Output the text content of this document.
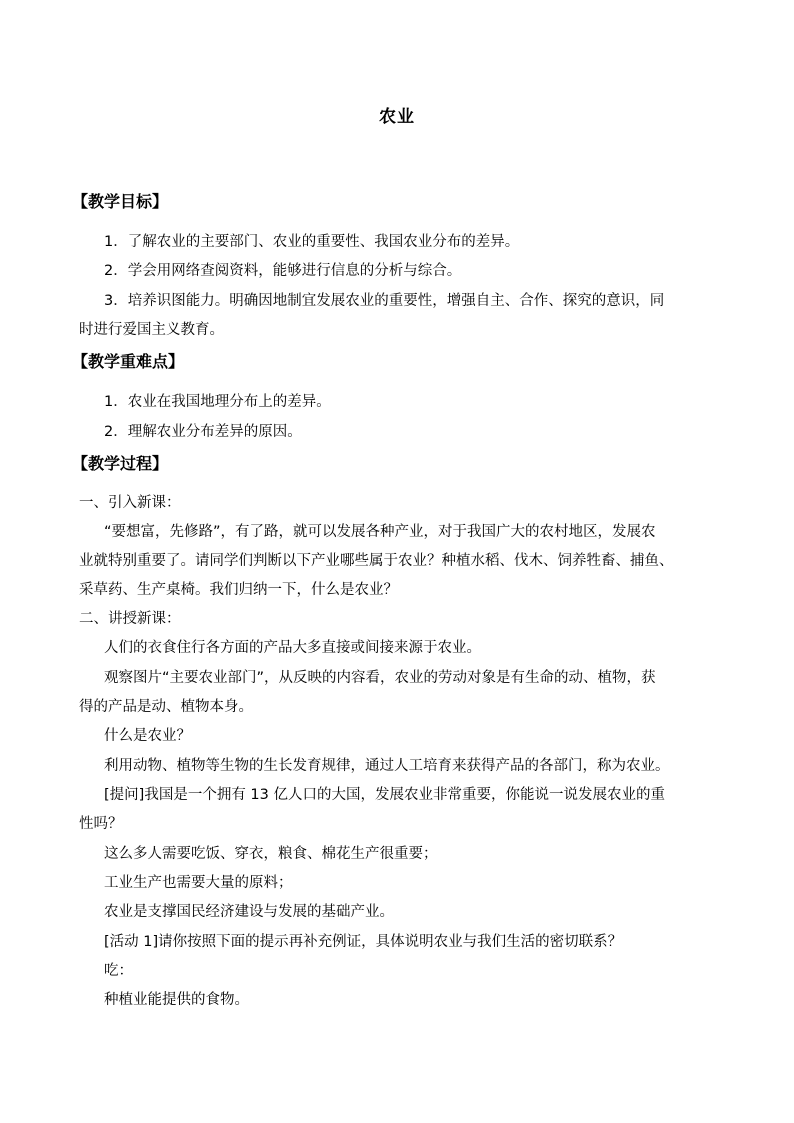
农业
【教学目标】
1．了解农业的主要部门、农业的重要性、我国农业分布的差异。
2．学会用网络查阅资料，能够进行信息的分析与综合。
3．培养识图能力。明确因地制宜发展农业的重要性，增强自主、合作、探究的意识，同
时进行爱国主义教育。
【教学重难点】
1．农业在我国地理分布上的差异。
2．理解农业分布差异的原因。
【教学过程】
一、引入新课：
“要想富，先修路”，有了路，就可以发展各种产业，对于我国广大的农村地区，发展农
业就特别重要了。请同学们判断以下产业哪些属于农业？种植水稻、伐木、饲养牲畜、捕鱼、
采草药、生产桌椅。我们归纳一下，什么是农业？
二、讲授新课：
人们的衣食住行各方面的产品大多直接或间接来源于农业。
观察图片“主要农业部门”，从反映的内容看，农业的劳动对象是有生命的动、植物，获
得的产品是动、植物本身。
什么是农业？
利用动物、植物等生物的生长发育规律，通过人工培育来获得产品的各部门，称为农业。
[提问]我国是一个拥有 13 亿人口的大国，发展农业非常重要，你能说一说发展农业的重
性吗？
这么多人需要吃饭、穿衣，粮食、棉花生产很重要；
工业生产也需要大量的原料；
农业是支撑国民经济建设与发展的基础产业。
[活动 1]请你按照下面的提示再补充例证，具体说明农业与我们生活的密切联系？
吃：
种植业能提供的食物。
